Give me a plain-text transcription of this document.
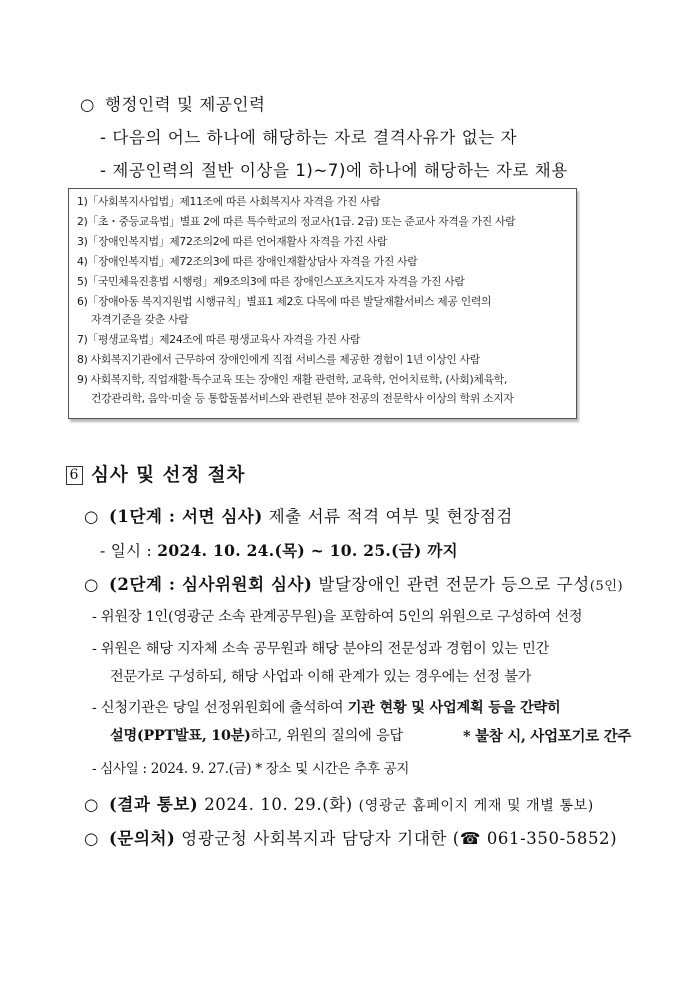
○ 행정인력 및 제공인력
- 다음의 어느 하나에 해당하는 자로 결격사유가 없는 자
- 제공인력의 절반 이상을 1)~7)에 하나에 해당하는 자로 채용
1)「사회복지사업법」제11조에 따른 사회복지사 자격을 가진 사람
2)「초・중등교육법」별표 2에 따른 특수학교의 정교사(1급. 2급) 또는 준교사 자격을 가진 사람
3)「장애인복지법」제72조의2에 따른 언어재활사 자격을 가진 사람
4)「장애인복지법」제72조의3에 따른 장애인재활상담사 자격을 가진 사람
5)「국민체육진흥법 시행령」제9조의3에 따른 장애인스포츠지도자 자격을 가진 사람
6)「장애아동 복지지원법 시행규칙」별표1 제2호 다목에 따른 발달재활서비스 제공 인력의
자격기준을 갖춘 사람
7)「평생교육법」제24조에 따른 평생교육사 자격을 가진 사람
8) 사회복지기관에서 근무하여 장애인에게 직접 서비스를 제공한 경험이 1년 이상인 사람
9) 사회복지학, 직업재활·특수교육 또는 장애인 재활 관련학, 교육학, 언어치료학, (사회)체육학,
건강관리학, 음악·미술 등 통합돌봄서비스와 관련된 분야 전공의 전문학사 이상의 학위 소지자
6 심사 및 선정 절차
○ (1단계 : 서면 심사) 제출 서류 적격 여부 및 현장점검
- 일시 : 2024. 10. 24.(목) ~ 10. 25.(금) 까지
○ (2단계 : 심사위원회 심사) 발달장애인 관련 전문가 등으로 구성(5인)
- 위원장 1인(영광군 소속 관계공무원)을 포함하여 5인의 위원으로 구성하여 선정
- 위원은 해당 지자체 소속 공무원과 해당 분야의 전문성과 경험이 있는 민간
전문가로 구성하되, 해당 사업과 이해 관계가 있는 경우에는 선정 불가
- 신청기관은 당일 선정위원회에 출석하여 기관 현황 및 사업계획 등을 간략히
설명(PPT발표, 10분)하고, 위원의 질의에 응답	* 불참 시, 사업포기로 간주
- 심사일 : 2024. 9. 27.(금) * 장소 및 시간은 추후 공지
○ (결과 통보) 2024. 10. 29.(화) (영광군 홈페이지 게재 및 개별 통보)
○ (문의처) 영광군청 사회복지과 담당자 기대한 (☎ 061-350-5852)
